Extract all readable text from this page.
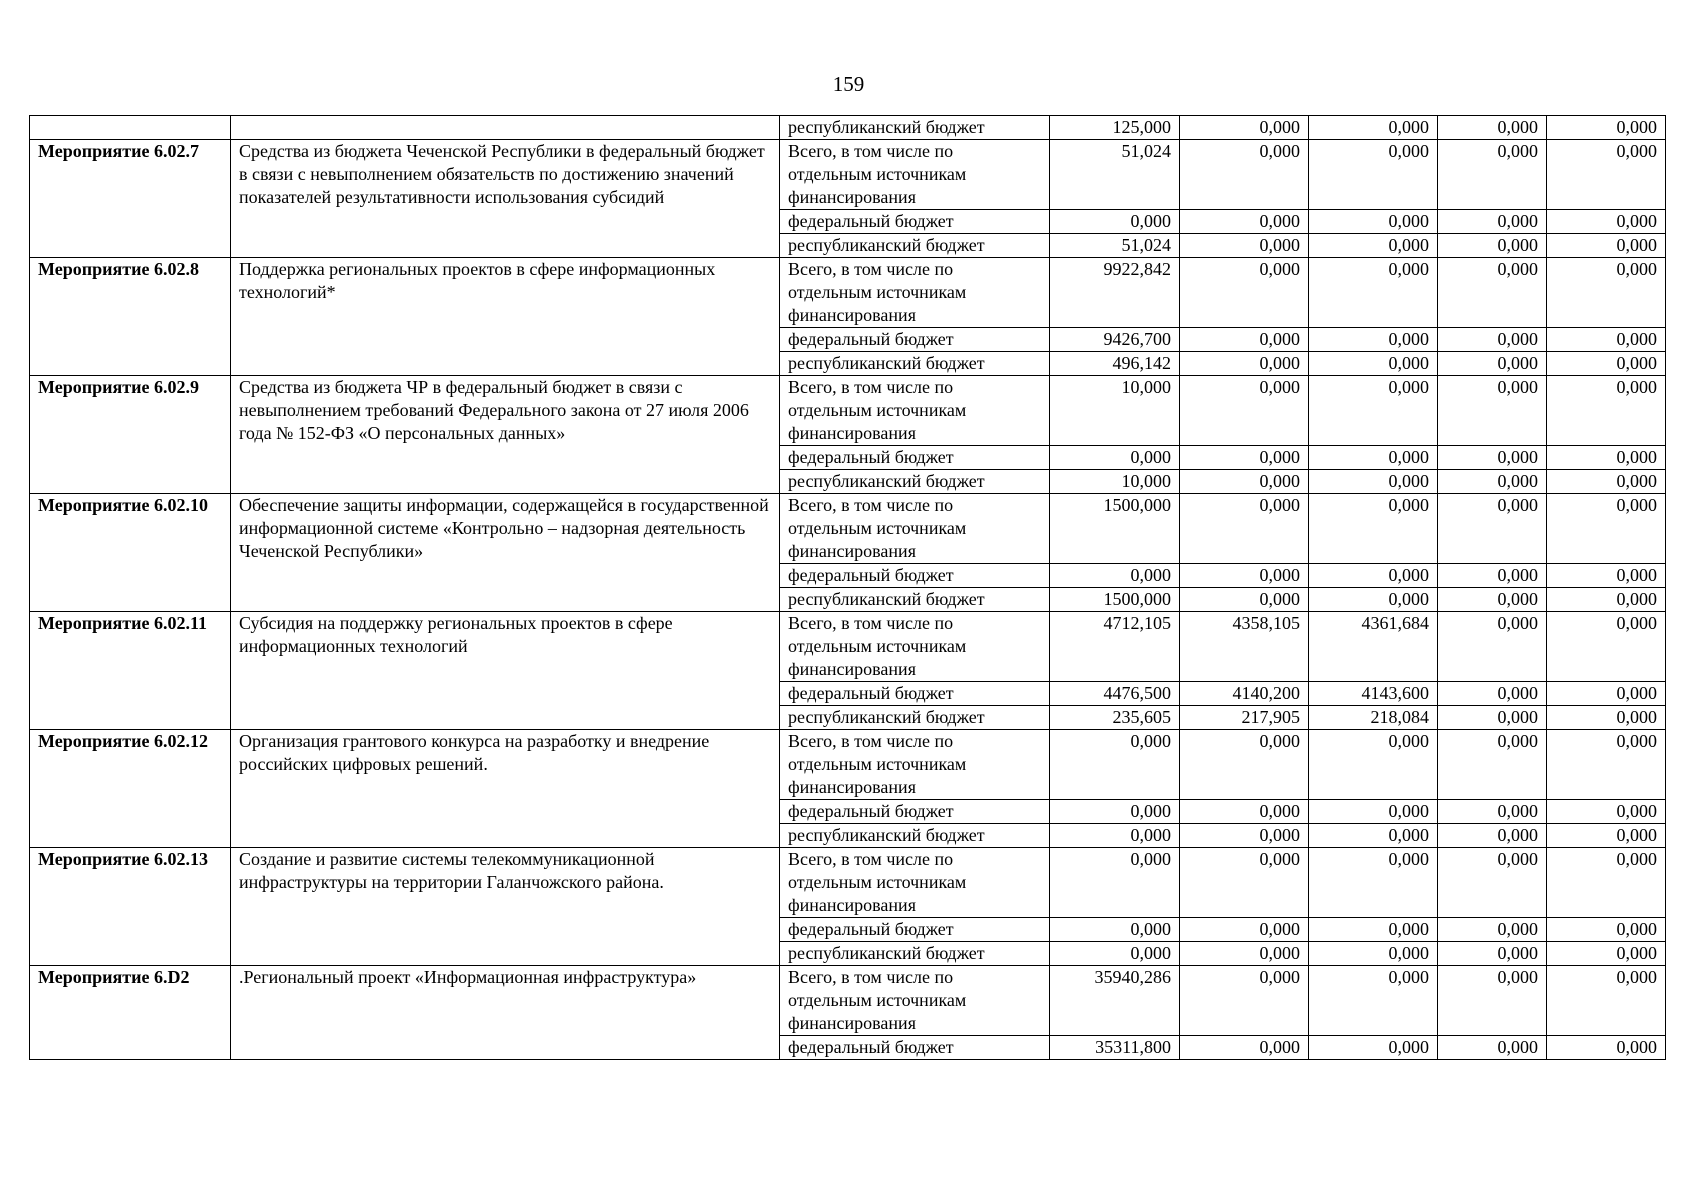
159
		республиканский бюджет	125,000	0,000	0,000	0,000	0,000
Мероприятие 6.02.7	Средства из бюджета Чеченской Республики в федеральный бюджет в связи с невыполнением обязательств по достижению значений показателей результативности использования субсидий	Всего, в том числе по отдельным источникам финансирования	51,024	0,000	0,000	0,000	0,000
		федеральный бюджет	0,000	0,000	0,000	0,000	0,000
		республиканский бюджет	51,024	0,000	0,000	0,000	0,000
Мероприятие 6.02.8	Поддержка региональных проектов в сфере информационных технологий*	Всего, в том числе по отдельным источникам финансирования	9922,842	0,000	0,000	0,000	0,000
		федеральный бюджет	9426,700	0,000	0,000	0,000	0,000
		республиканский бюджет	496,142	0,000	0,000	0,000	0,000
Мероприятие 6.02.9	Средства из бюджета ЧР в федеральный бюджет в связи с невыполнением требований Федерального закона от 27 июля 2006 года № 152-ФЗ «О персональных данных»	Всего, в том числе по отдельным источникам финансирования	10,000	0,000	0,000	0,000	0,000
		федеральный бюджет	0,000	0,000	0,000	0,000	0,000
		республиканский бюджет	10,000	0,000	0,000	0,000	0,000
Мероприятие 6.02.10	Обеспечение защиты информации, содержащейся в государственной информационной системе «Контрольно – надзорная деятельность Чеченской Республики»	Всего, в том числе по отдельным источникам финансирования	1500,000	0,000	0,000	0,000	0,000
		федеральный бюджет	0,000	0,000	0,000	0,000	0,000
		республиканский бюджет	1500,000	0,000	0,000	0,000	0,000
Мероприятие 6.02.11	Субсидия на поддержку региональных проектов в сфере информационных технологий	Всего, в том числе по отдельным источникам финансирования	4712,105	4358,105	4361,684	0,000	0,000
		федеральный бюджет	4476,500	4140,200	4143,600	0,000	0,000
		республиканский бюджет	235,605	217,905	218,084	0,000	0,000
Мероприятие 6.02.12	Организация грантового конкурса на разработку и внедрение российских цифровых решений.	Всего, в том числе по отдельным источникам финансирования	0,000	0,000	0,000	0,000	0,000
		федеральный бюджет	0,000	0,000	0,000	0,000	0,000
		республиканский бюджет	0,000	0,000	0,000	0,000	0,000
Мероприятие 6.02.13	Создание и развитие системы телекоммуникационной инфраструктуры на территории Галанчожского района.	Всего, в том числе по отдельным источникам финансирования	0,000	0,000	0,000	0,000	0,000
		федеральный бюджет	0,000	0,000	0,000	0,000	0,000
		республиканский бюджет	0,000	0,000	0,000	0,000	0,000
Мероприятие 6.D2	.Региональный проект «Информационная инфраструктура»	Всего, в том числе по отдельным источникам финансирования	35940,286	0,000	0,000	0,000	0,000
		федеральный бюджет	35311,800	0,000	0,000	0,000	0,000
